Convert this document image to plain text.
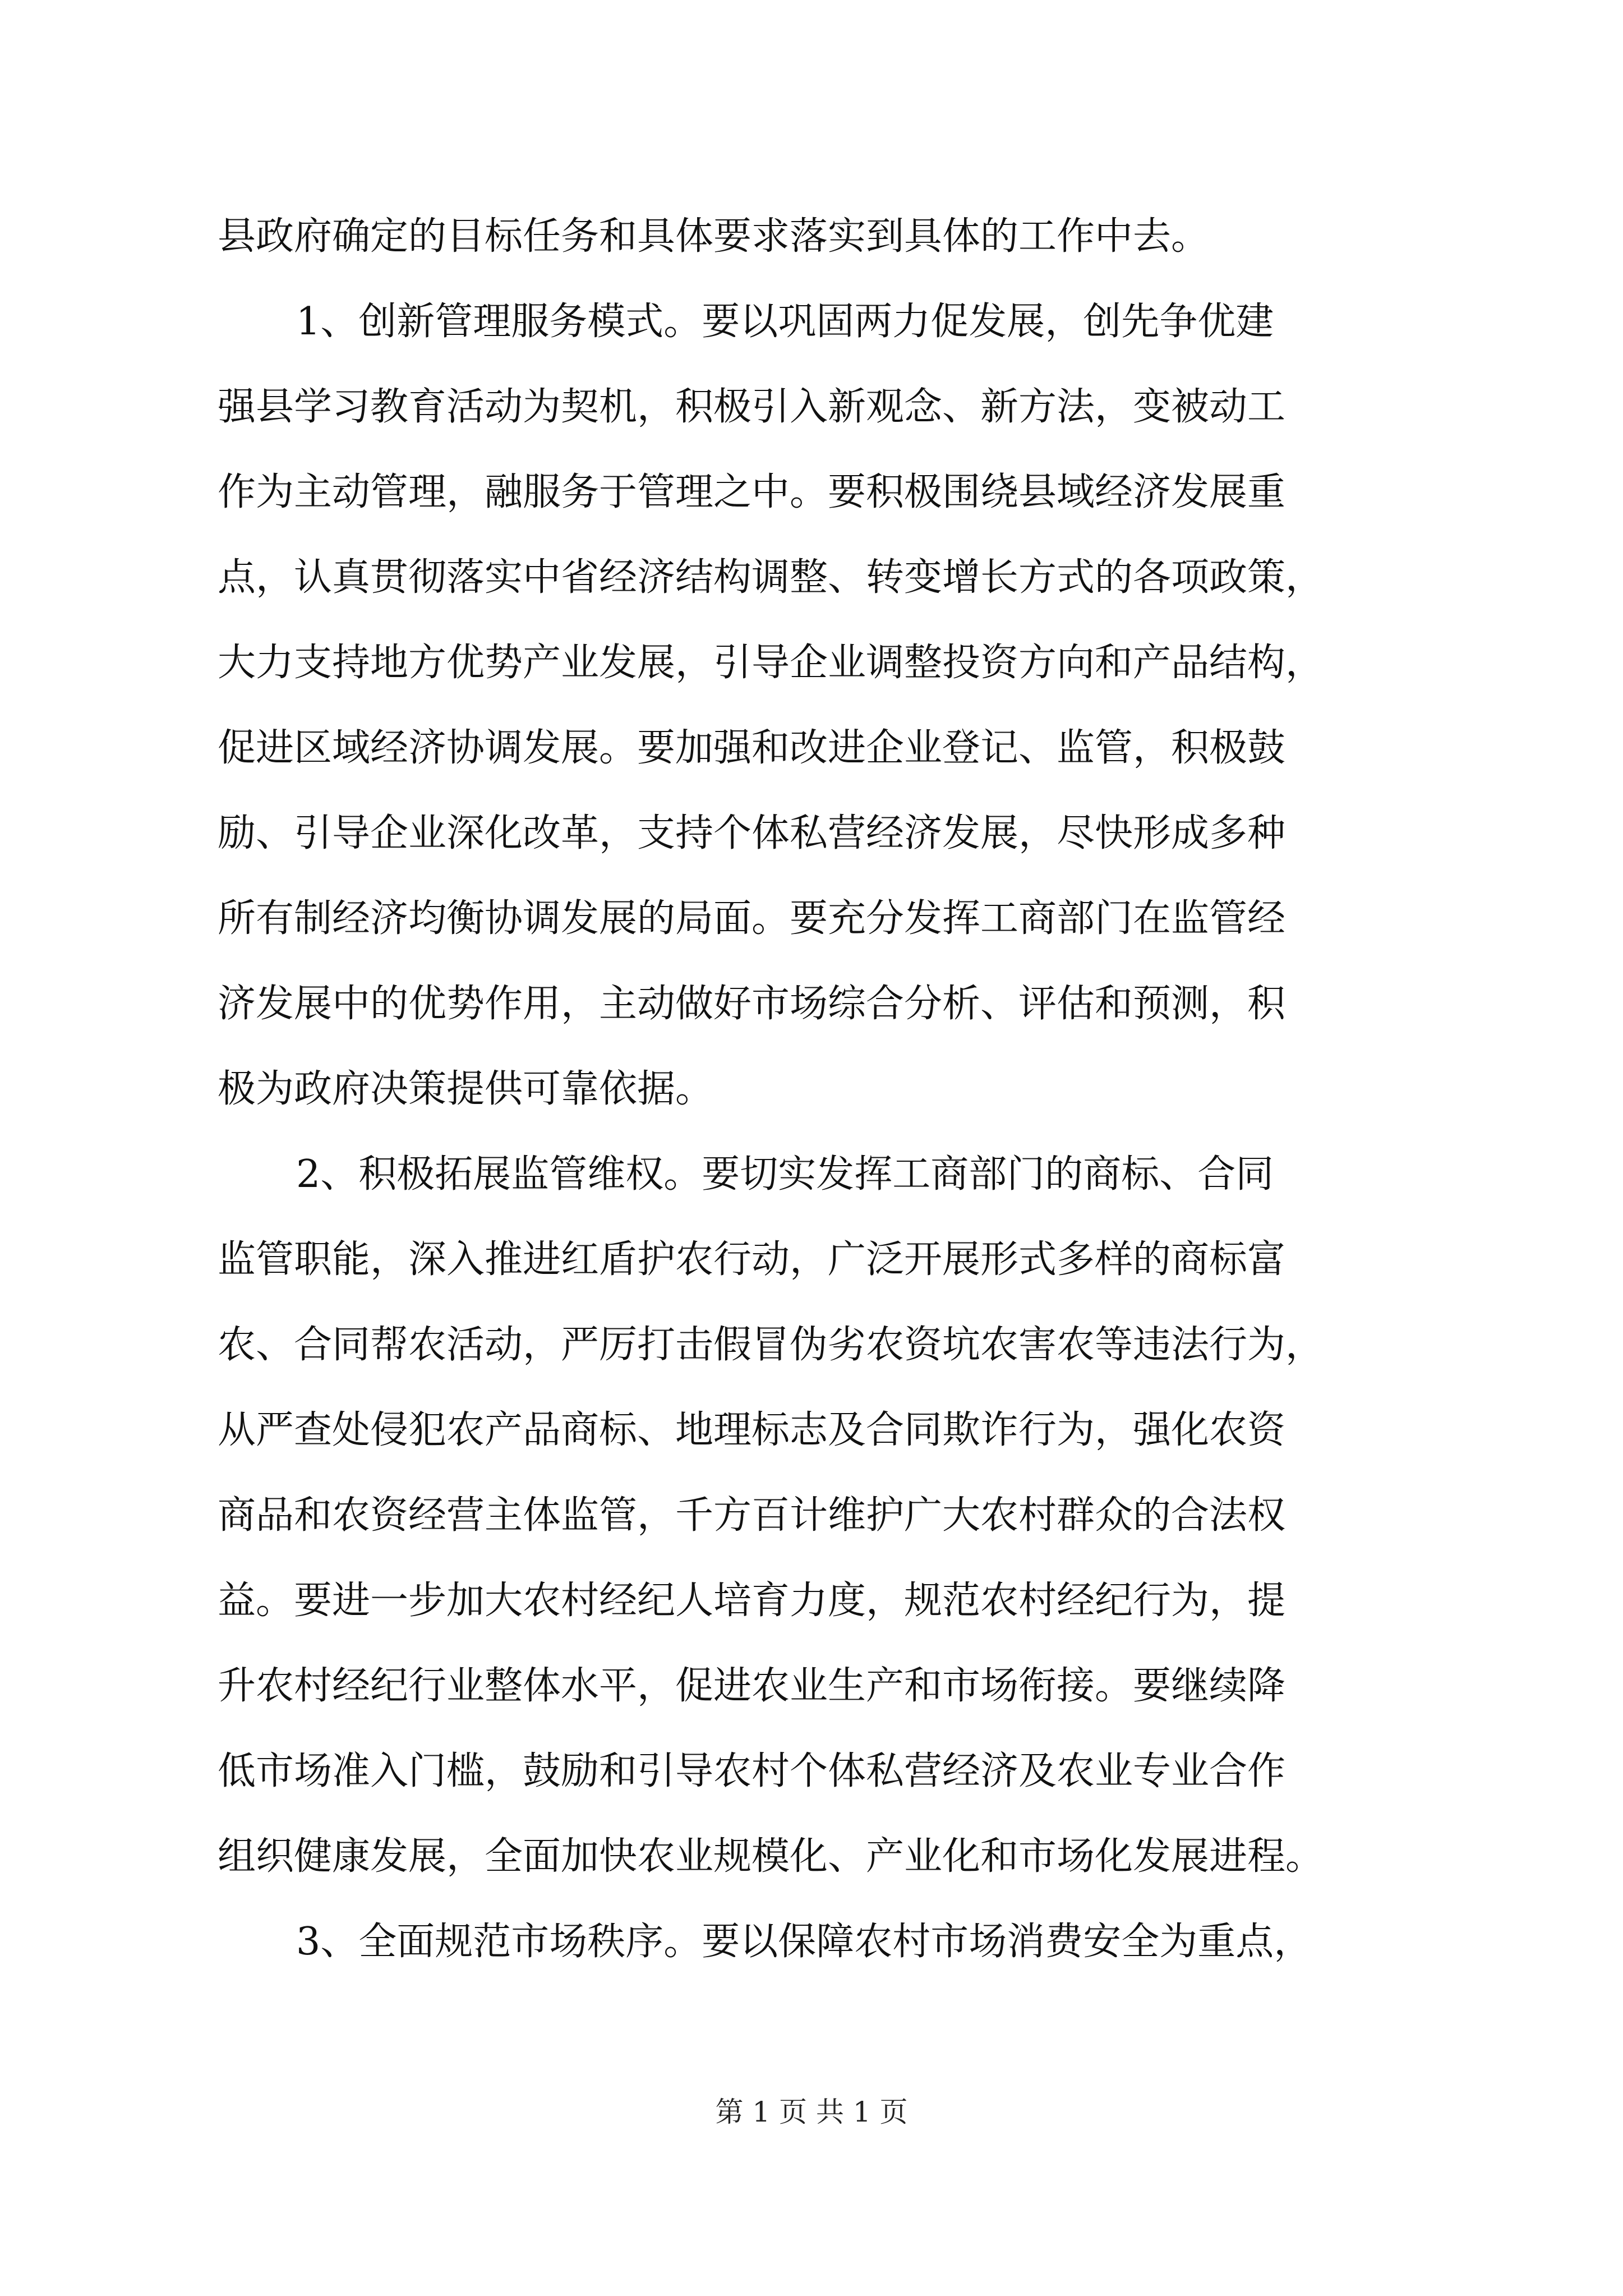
县政府确定的目标任务和具体要求落实到具体的工作中去。
1、创新管理服务模式。要以巩固两力促发展，创先争优建
强县学习教育活动为契机，积极引入新观念、新方法，变被动工
作为主动管理，融服务于管理之中。要积极围绕县域经济发展重
点，认真贯彻落实中省经济结构调整、转变增长方式的各项政策，
大力支持地方优势产业发展，引导企业调整投资方向和产品结构，
促进区域经济协调发展。要加强和改进企业登记、监管，积极鼓
励、引导企业深化改革，支持个体私营经济发展，尽快形成多种
所有制经济均衡协调发展的局面。要充分发挥工商部门在监管经
济发展中的优势作用，主动做好市场综合分析、评估和预测，积
极为政府决策提供可靠依据。
2、积极拓展监管维权。要切实发挥工商部门的商标、合同
监管职能，深入推进红盾护农行动，广泛开展形式多样的商标富
农、合同帮农活动，严厉打击假冒伪劣农资坑农害农等违法行为，
从严查处侵犯农产品商标、地理标志及合同欺诈行为，强化农资
商品和农资经营主体监管，千方百计维护广大农村群众的合法权
益。要进一步加大农村经纪人培育力度，规范农村经纪行为，提
升农村经纪行业整体水平，促进农业生产和市场衔接。要继续降
低市场准入门槛，鼓励和引导农村个体私营经济及农业专业合作
组织健康发展，全面加快农业规模化、产业化和市场化发展进程。
3、全面规范市场秩序。要以保障农村市场消费安全为重点，
第 1 页 共 1 页
